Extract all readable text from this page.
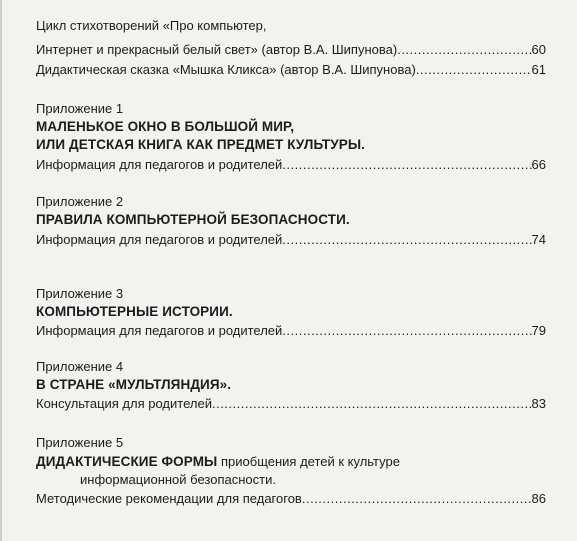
Цикл стихотворений «Про компьютер,
Интернет и прекрасный белый свет» (автор В.А. Шипунова) .....	60
Дидактическая сказка «Мышка Кликса» (автор В.А. Шипунова) .....	61
Приложение 1
МАЛЕНЬКОЕ ОКНО В БОЛЬШОЙ МИР,
ИЛИ ДЕТСКАЯ КНИГА КАК ПРЕДМЕТ КУЛЬТУРЫ.
Информация для педагогов и родителей .....	66
Приложение 2
ПРАВИЛА КОМПЬЮТЕРНОЙ БЕЗОПАСНОСТИ.
Информация для педагогов и родителей .....	74
Приложение 3
КОМПЬЮТЕРНЫЕ ИСТОРИИ.
Информация для педагогов и родителей .....	79
Приложение 4
В СТРАНЕ «МУЛЬТЛЯНДИЯ».
Консультация для родителей .....	83
Приложение 5
ДИДАКТИЧЕСКИЕ ФОРМЫ приобщения детей к культуре
информационной безопасности.
Методические рекомендации для педагогов .....	86
